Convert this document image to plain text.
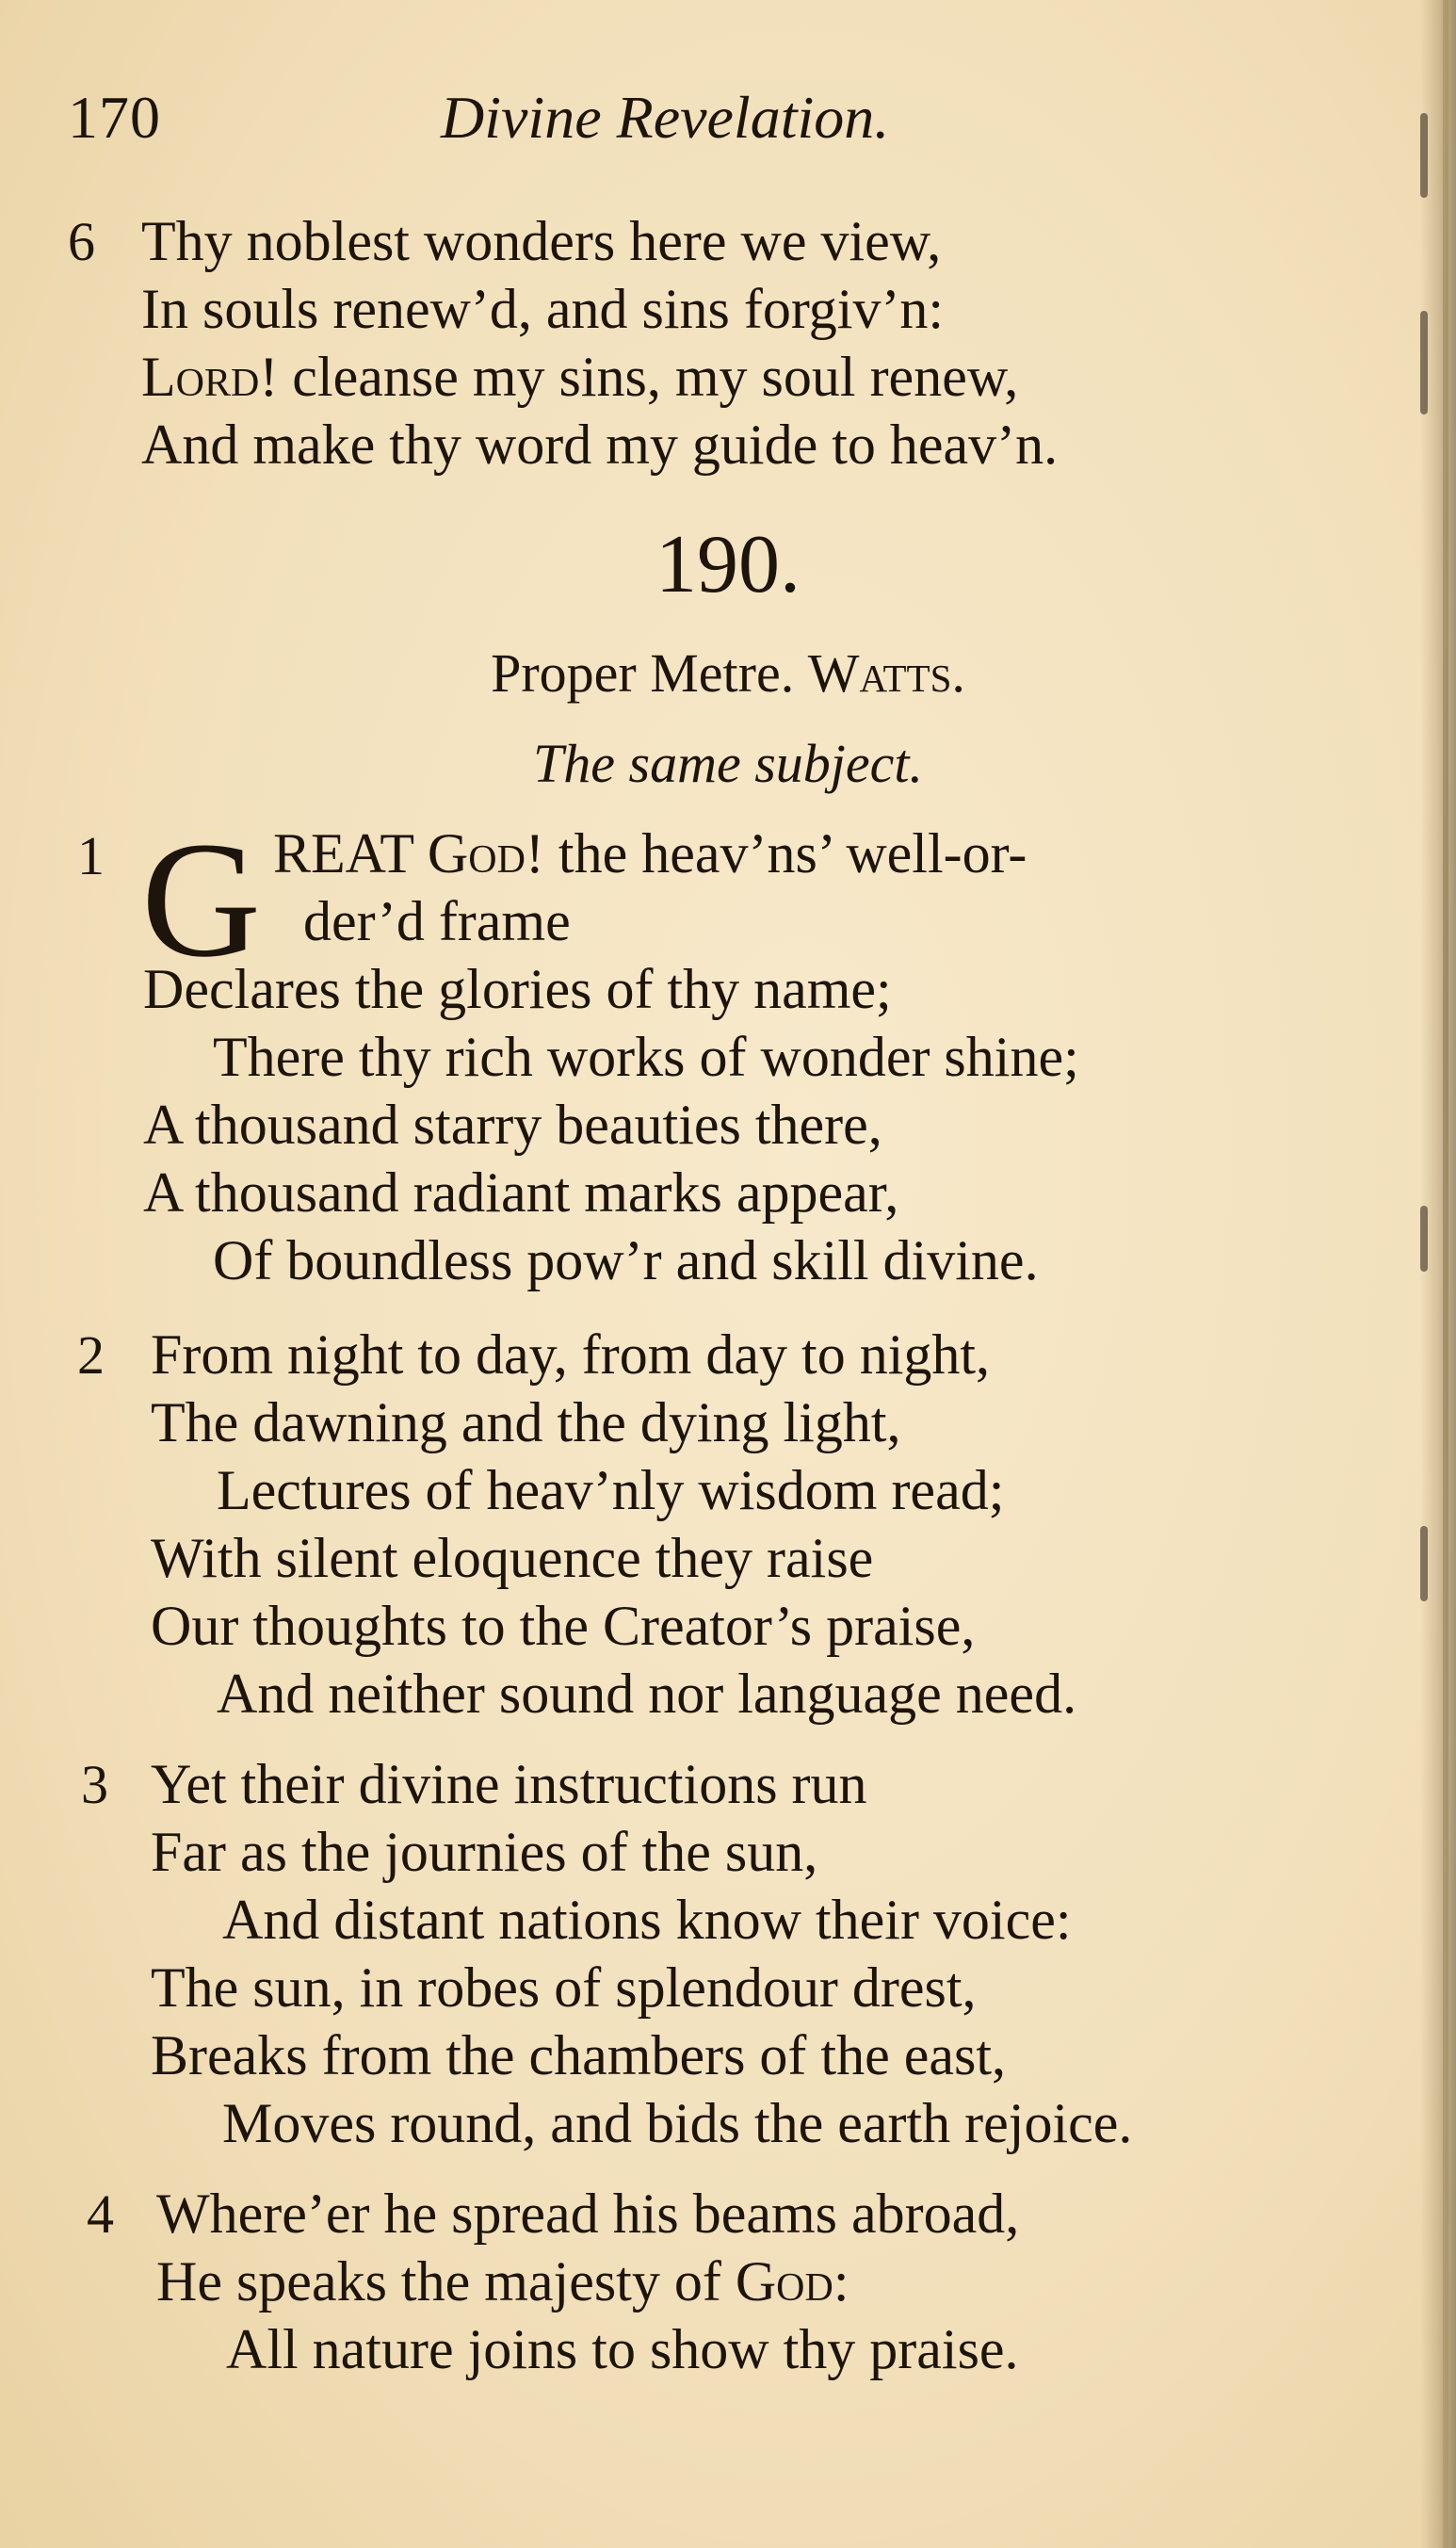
170	Divine Revelation.
6 Thy noblest wonders here we view,
In souls renew’d, and sins forgiv’n:
Lord! cleanse my sins, my soul renew,
And make thy word my guide to heav’n.
190.
Proper Metre. Watts.
The same subject.
1 G REAT God! the heav’ns’ well-or-
der’d frame
Declares the glories of thy name;
There thy rich works of wonder shine;
A thousand starry beauties there,
A thousand radiant marks appear,
Of boundless pow’r and skill divine.
2 From night to day, from day to night,
The dawning and the dying light,
Lectures of heav’nly wisdom read;
With silent eloquence they raise
Our thoughts to the Creator’s praise,
And neither sound nor language need.
3 Yet their divine instructions run
Far as the journies of the sun,
And distant nations know their voice:
The sun, in robes of splendour drest,
Breaks from the chambers of the east,
Moves round, and bids the earth rejoice.
4 Where’er he spread his beams abroad,
He speaks the majesty of God:
All nature joins to show thy praise.
